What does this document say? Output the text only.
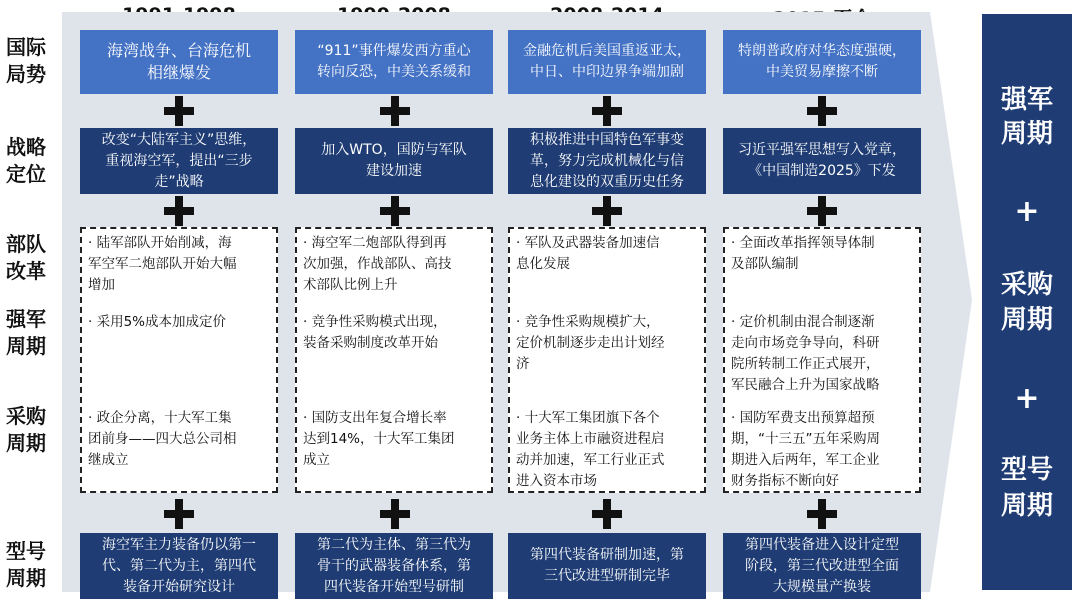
国际
局势
战略
定位
部队
改革
强军
周期
采购
周期
型号
周期
海湾战争、台海危机
相继爆发
“911”事件爆发西方重心
转向反恐，中美关系缓和
金融危机后美国重返亚太，
中日、中印边界争端加剧
特朗普政府对华态度强硬，
中美贸易摩擦不断
改变“大陆军主义”思维，
重视海空军，提出“三步
走”战略
加入WTO，国防与军队
建设加速
积极推进中国特色军事变
革，努力完成机械化与信
息化建设的双重历史任务
习近平强军思想写入党章，
《中国制造2025》下发
· 陆军部队开始削减，海
军空军二炮部队开始大幅
增加
· 采用5%成本加成定价
· 政企分离，十大军工集
团前身——四大总公司相
继成立
· 海空军二炮部队得到再
次加强，作战部队、高技
术部队比例上升
· 竞争性采购模式出现，
装备采购制度改革开始
· 国防支出年复合增长率
达到14%，十大军工集团
成立
· 军队及武器装备加速信
息化发展
· 竞争性采购规模扩大，
定价机制逐步走出计划经
济
· 十大军工集团旗下各个
业务主体上市融资进程启
动并加速，军工行业正式
进入资本市场
· 全面改革指挥领导体制
及部队编制
· 定价机制由混合制逐渐
走向市场竞争导向，科研
院所转制工作正式展开，
军民融合上升为国家战略
· 国防军费支出预算超预
期，“十三五”五年采购周
期进入后两年，军工企业
财务指标不断向好
海空军主力装备仍以第一
代、第二代为主，第四代
装备开始研究设计
第二代为主体、第三代为
骨干的武器装备体系，第
四代装备开始型号研制
第四代装备研制加速，第
三代改进型研制完毕
第四代装备进入设计定型
阶段，第三代改进型全面
大规模量产换装
强军
周期
+
采购
周期
+
型号
周期
